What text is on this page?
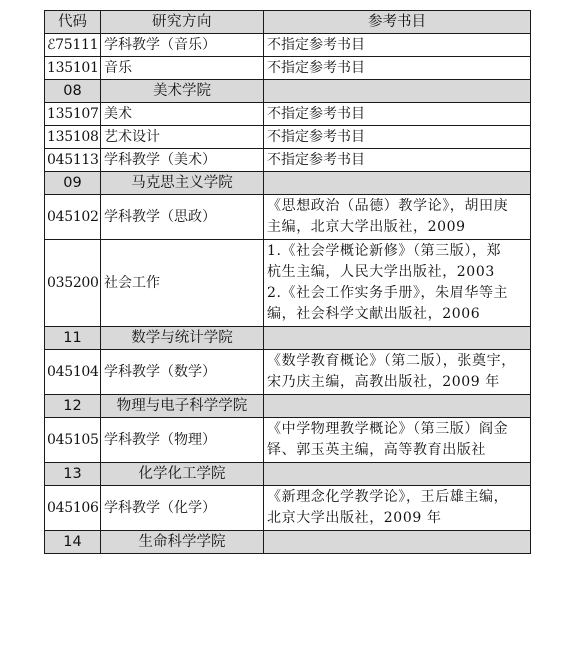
代码	研究方向	参考书目
ℰ75111	学科教学（音乐）	不指定参考书目

135101	音乐	不指定参考书目

08	美术学院	
135107	美术	不指定参考书目

135108	艺术设计	不指定参考书目

045113	学科教学（美术）	不指定参考书目

09	马克思主义学院	
045102	学科教学（思政）	《思想政治（品德）教学论》，胡田庚
主编，北京大学出版社，2009

035200	社会工作	1.《社会学概论新修》（第三版），郑
杭生主编，人民大学出版社，2003
2.《社会工作实务手册》，朱眉华等主
编，社会科学文献出版社，2006

11	数学与统计学院	
045104	学科教学（数学）	《数学教育概论》（第二版），张奠宇，
宋乃庆主编，高教出版社，2009 年

12	物理与电子科学学院	
045105	学科教学（物理）	《中学物理教学概论》（第三版）阎金
铎、郭玉英主编，高等教育出版社

13	化学化工学院	
045106	学科教学（化学）	《新理念化学教学论》，王后雄主编，
北京大学出版社，2009 年

14	生命科学学院	
